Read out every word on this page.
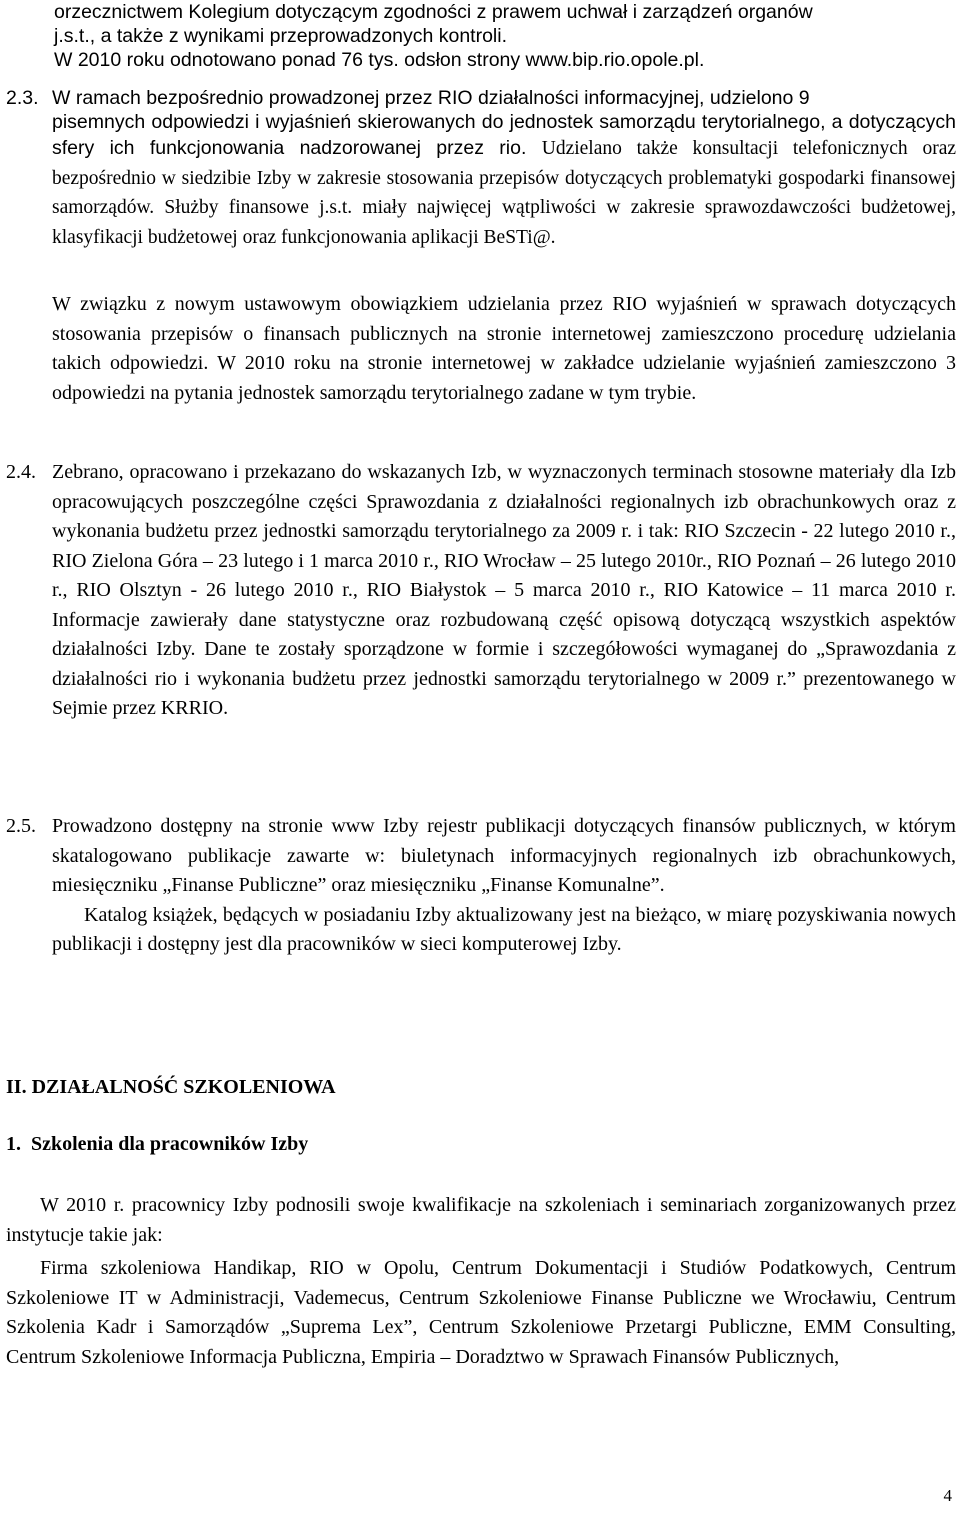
orzecznictwem Kolegium dotyczącym zgodności z prawem uchwał i zarządzeń organów
j.s.t., a także z wynikami przeprowadzonych kontroli.
W 2010 roku odnotowano ponad 76 tys. odsłon strony www.bip.rio.opole.pl.
2.3. W ramach bezpośrednio prowadzonej przez RIO działalności informacyjnej, udzielono 9
pisemnych odpowiedzi i wyjaśnień skierowanych do jednostek samorządu terytorialnego, a dotyczących sfery ich funkcjonowania nadzorowanej przez rio. Udzielano także konsultacji telefonicznych oraz bezpośrednio w siedzibie Izby w zakresie stosowania przepisów dotyczących problematyki gospodarki finansowej samorządów. Służby finansowe j.s.t. miały najwięcej wątpliwości w zakresie sprawozdawczości budżetowej, klasyfikacji budżetowej oraz funkcjonowania aplikacji BeSTi@.
W związku z nowym ustawowym obowiązkiem udzielania przez RIO wyjaśnień w sprawach dotyczących stosowania przepisów o finansach publicznych na stronie internetowej zamieszczono procedurę udzielania takich odpowiedzi. W 2010 roku na stronie internetowej w zakładce udzielanie wyjaśnień zamieszczono 3 odpowiedzi na pytania jednostek samorządu terytorialnego zadane w tym trybie.
2.4. Zebrano, opracowano i przekazano do wskazanych Izb, w wyznaczonych terminach stosowne materiały dla Izb opracowujących poszczególne części Sprawozdania z działalności regionalnych izb obrachunkowych oraz z wykonania budżetu przez jednostki samorządu terytorialnego za 2009 r. i tak: RIO Szczecin - 22 lutego 2010 r., RIO Zielona Góra – 23 lutego i 1 marca 2010 r., RIO Wrocław – 25 lutego 2010r., RIO Poznań – 26 lutego 2010 r., RIO Olsztyn - 26 lutego 2010 r., RIO Białystok – 5 marca 2010 r., RIO Katowice – 11 marca 2010 r. Informacje zawierały dane statystyczne oraz rozbudowaną część opisową dotyczącą wszystkich aspektów działalności Izby. Dane te zostały sporządzone w formie i szczegółowości wymaganej do „Sprawozdania z działalności rio i wykonania budżetu przez jednostki samorządu terytorialnego w 2009 r.” prezentowanego w Sejmie przez KRRIO.
2.5. Prowadzono dostępny na stronie www Izby rejestr publikacji dotyczących finansów publicznych, w którym skatalogowano publikacje zawarte w: biuletynach informacyjnych regionalnych izb obrachunkowych, miesięczniku „Finanse Publiczne” oraz miesięczniku „Finanse Komunalne”.
Katalog książek, będących w posiadaniu Izby aktualizowany jest na bieżąco, w miarę pozyskiwania nowych publikacji i dostępny jest dla pracowników w sieci komputerowej Izby.
II. DZIAŁALNOŚĆ SZKOLENIOWA
1.  Szkolenia dla pracowników Izby
W 2010 r. pracownicy Izby podnosili swoje kwalifikacje na szkoleniach i seminariach zorganizowanych przez instytucje takie jak:
Firma szkoleniowa Handikap, RIO w Opolu, Centrum Dokumentacji i Studiów Podatkowych, Centrum Szkoleniowe IT w Administracji, Vademecus, Centrum Szkoleniowe Finanse Publiczne we Wrocławiu, Centrum Szkolenia Kadr i Samorządów „Suprema Lex”, Centrum Szkoleniowe Przetargi Publiczne, EMM Consulting, Centrum Szkoleniowe Informacja Publiczna, Empiria – Doradztwo w Sprawach Finansów Publicznych,
4
